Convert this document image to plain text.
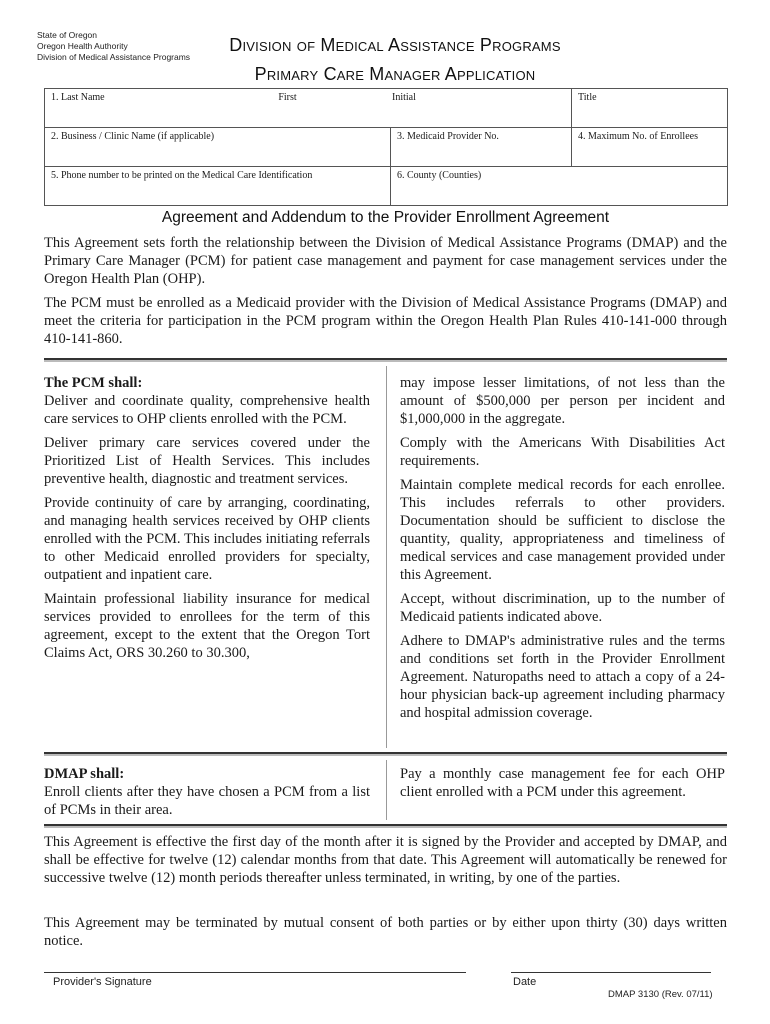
State of Oregon
Oregon Health Authority
Division of Medical Assistance Programs
Division of Medical Assistance Programs
Primary Care Manager Application
1. Last Name First Initial		Title
2. Business / Clinic Name (if applicable)	3. Medicaid Provider No.	4. Maximum No. of Enrollees
5. Phone number to be printed on the Medical Care Identification	6. County (Counties)	
Agreement and Addendum to the Provider Enrollment Agreement

This Agreement sets forth the relationship between the Division of Medical Assistance Programs (DMAP) and the Primary Care Manager (PCM) for patient case management and payment for case management services under the Oregon Health Plan (OHP).

The PCM must be enrolled as a Medicaid provider with the Division of Medical Assistance Programs (DMAP) and meet the criteria for participation in the PCM program within the Oregon Health Plan Rules 410-141-000 through 410-141-860.

The PCM shall:

Deliver and coordinate quality, comprehensive health care services to OHP clients enrolled with the PCM.

Deliver primary care services covered under the Prioritized List of Health Services. This includes preventive health, diagnostic and treatment services.

Provide continuity of care by arranging, coordinating, and managing health services received by OHP clients enrolled with the PCM. This includes initiating referrals to other Medicaid enrolled providers for specialty, outpatient and inpatient care.

Maintain professional liability insurance for medical services provided to enrollees for the term of this agreement, except to the extent that the Oregon Tort Claims Act, ORS 30.260 to 30.300,

may impose lesser limitations, of not less than the amount of $500,000 per person per incident and $1,000,000 in the aggregate.

Comply with the Americans With Disabilities Act requirements.

Maintain complete medical records for each enrollee. This includes referrals to other providers. Documentation should be sufficient to disclose the quantity, quality, appropriateness and timeliness of medical services and case management provided under this Agreement.

Accept, without discrimination, up to the number of Medicaid patients indicated above.

Adhere to DMAP's administrative rules and the terms and conditions set forth in the Provider Enrollment Agreement. Naturopaths need to attach a copy of a 24-hour physician back-up agreement including pharmacy and hospital admission coverage.

DMAP shall:

Enroll clients after they have chosen a PCM from a list of PCMs in their area.

Pay a monthly case management fee for each OHP client enrolled with a PCM under this agreement.

This Agreement is effective the first day of the month after it is signed by the Provider and accepted by DMAP, and shall be effective for twelve (12) calendar months from that date. This Agreement will automatically be renewed for successive twelve (12) month periods thereafter unless terminated, in writing, by one of the parties.

This Agreement may be terminated by mutual consent of both parties or by either upon thirty (30) days written notice.

Provider's Signature	Date
DMAP 3130 (Rev. 07/11)
